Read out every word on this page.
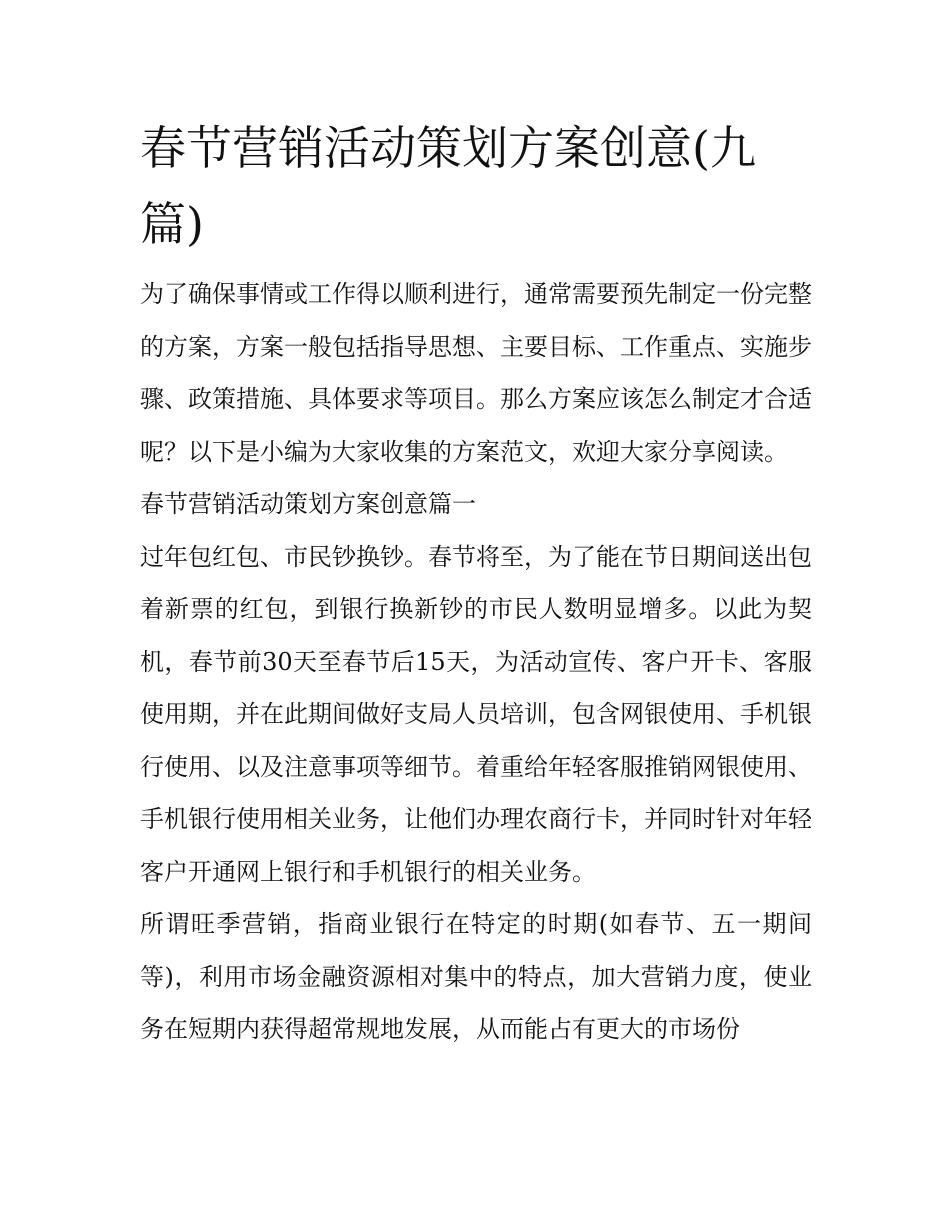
春节营销活动策划方案创意(九篇)

为了确保事情或工作得以顺利进行，通常需要预先制定一份完整的方案，方案一般包括指导思想、主要目标、工作重点、实施步骤、政策措施、具体要求等项目。那么方案应该怎么制定才合适呢？以下是小编为大家收集的方案范文，欢迎大家分享阅读。

春节营销活动策划方案创意篇一

过年包红包、市民钞换钞。春节将至，为了能在节日期间送出包着新票的红包，到银行换新钞的市民人数明显增多。以此为契机，春节前30天至春节后15天，为活动宣传、客户开卡、客服使用期，并在此期间做好支局人员培训，包含网银使用、手机银行使用、以及注意事项等细节。着重给年轻客服推销网银使用、手机银行使用相关业务，让他们办理农商行卡，并同时针对年轻客户开通网上银行和手机银行的相关业务。

所谓旺季营销，指商业银行在特定的时期(如春节、五一期间等)，利用市场金融资源相对集中的特点，加大营销力度，使业务在短期内获得超常规地发展，从而能占有更大的市场份
